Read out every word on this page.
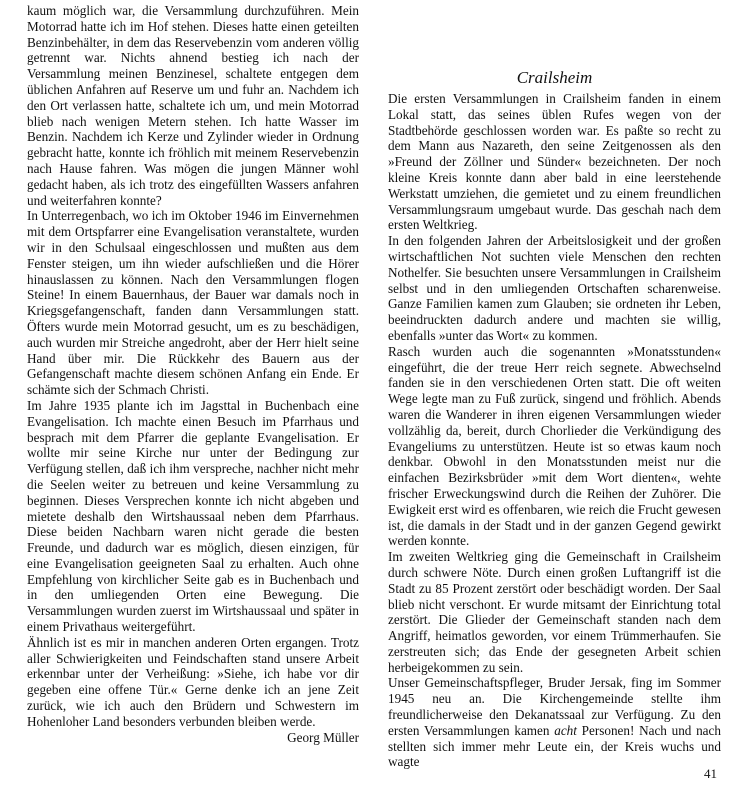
kaum möglich war, die Versammlung durchzuführen. Mein Motorrad hatte ich im Hof stehen. Dieses hatte einen geteilten Benzinbehälter, in dem das Reservebenzin vom anderen völlig getrennt war. Nichts ahnend bestieg ich nach der Versammlung meinen Benzinesel, schaltete entgegen dem üblichen Anfahren auf Reserve um und fuhr an. Nachdem ich den Ort verlassen hatte, schaltete ich um, und mein Motorrad blieb nach wenigen Metern stehen. Ich hatte Wasser im Benzin. Nachdem ich Kerze und Zylinder wieder in Ordnung gebracht hatte, konnte ich fröhlich mit meinem Reservebenzin nach Hause fahren. Was mögen die jungen Männer wohl gedacht haben, als ich trotz des eingefüllten Wassers anfahren und weiterfahren konnte?

In Unterregenbach, wo ich im Oktober 1946 im Einvernehmen mit dem Ortspfarrer eine Evangelisation veranstaltete, wurden wir in den Schulsaal eingeschlossen und mußten aus dem Fenster steigen, um ihn wieder aufschließen und die Hörer hinauslassen zu können. Nach den Versammlungen flogen Steine! In einem Bauernhaus, der Bauer war damals noch in Kriegsgefangenschaft, fanden dann Versammlungen statt. Öfters wurde mein Motorrad gesucht, um es zu beschädigen, auch wurden mir Streiche angedroht, aber der Herr hielt seine Hand über mir. Die Rückkehr des Bauern aus der Gefangenschaft machte diesem schönen Anfang ein Ende. Er schämte sich der Schmach Christi.

Im Jahre 1935 plante ich im Jagsttal in Buchenbach eine Evangelisation. Ich machte einen Besuch im Pfarrhaus und besprach mit dem Pfarrer die geplante Evangelisation. Er wollte mir seine Kirche nur unter der Bedingung zur Verfügung stellen, daß ich ihm verspreche, nachher nicht mehr die Seelen weiter zu betreuen und keine Versammlung zu beginnen. Dieses Versprechen konnte ich nicht abgeben und mietete deshalb den Wirtshaussaal neben dem Pfarrhaus. Diese beiden Nachbarn waren nicht gerade die besten Freunde, und dadurch war es möglich, diesen einzigen, für eine Evangelisation geeigneten Saal zu erhalten. Auch ohne Empfehlung von kirchlicher Seite gab es in Buchenbach und in den umliegenden Orten eine Bewegung. Die Versammlungen wurden zuerst im Wirtshaussaal und später in einem Privathaus weitergeführt.

Ähnlich ist es mir in manchen anderen Orten ergangen. Trotz aller Schwierigkeiten und Feindschaften stand unsere Arbeit erkennbar unter der Verheißung: »Siehe, ich habe vor dir gegeben eine offene Tür.« Gerne denke ich an jene Zeit zurück, wie ich auch den Brüdern und Schwestern im Hohenloher Land besonders verbunden bleiben werde.

Georg Müller

Crailsheim

Die ersten Versammlungen in Crailsheim fanden in einem Lokal statt, das seines üblen Rufes wegen von der Stadtbehörde geschlossen worden war. Es paßte so recht zu dem Mann aus Nazareth, den seine Zeitgenossen als den »Freund der Zöllner und Sünder« bezeichneten. Der noch kleine Kreis konnte dann aber bald in eine leerstehende Werkstatt umziehen, die gemietet und zu einem freundlichen Versammlungsraum umgebaut wurde. Das geschah nach dem ersten Weltkrieg.

In den folgenden Jahren der Arbeitslosigkeit und der großen wirtschaftlichen Not suchten viele Menschen den rechten Nothelfer. Sie besuchten unsere Versammlungen in Crailsheim selbst und in den umliegenden Ortschaften scharenweise. Ganze Familien kamen zum Glauben; sie ordneten ihr Leben, beeindruckten dadurch andere und machten sie willig, ebenfalls »unter das Wort« zu kommen.

Rasch wurden auch die sogenannten »Monatsstunden« eingeführt, die der treue Herr reich segnete. Abwechselnd fanden sie in den verschiedenen Orten statt. Die oft weiten Wege legte man zu Fuß zurück, singend und fröhlich. Abends waren die Wanderer in ihren eigenen Versammlungen wieder vollzählig da, bereit, durch Chorlieder die Verkündigung des Evangeliums zu unterstützen. Heute ist so etwas kaum noch denkbar. Obwohl in den Monatsstunden meist nur die einfachen Bezirksbrüder »mit dem Wort dienten«, wehte frischer Erweckungswind durch die Reihen der Zuhörer. Die Ewigkeit erst wird es offenbaren, wie reich die Frucht gewesen ist, die damals in der Stadt und in der ganzen Gegend gewirkt werden konnte.

Im zweiten Weltkrieg ging die Gemeinschaft in Crailsheim durch schwere Nöte. Durch einen großen Luftangriff ist die Stadt zu 85 Prozent zerstört oder beschädigt worden. Der Saal blieb nicht verschont. Er wurde mitsamt der Einrichtung total zerstört. Die Glieder der Gemeinschaft standen nach dem Angriff, heimatlos geworden, vor einem Trümmerhaufen. Sie zerstreuten sich; das Ende der gesegneten Arbeit schien herbeigekommen zu sein.

Unser Gemeinschaftspfleger, Bruder Jersak, fing im Sommer 1945 neu an. Die Kirchengemeinde stellte ihm freundlicherweise den Dekanatssaal zur Verfügung. Zu den ersten Versammlungen kamen acht Personen! Nach und nach stellten sich immer mehr Leute ein, der Kreis wuchs und wagte

41
